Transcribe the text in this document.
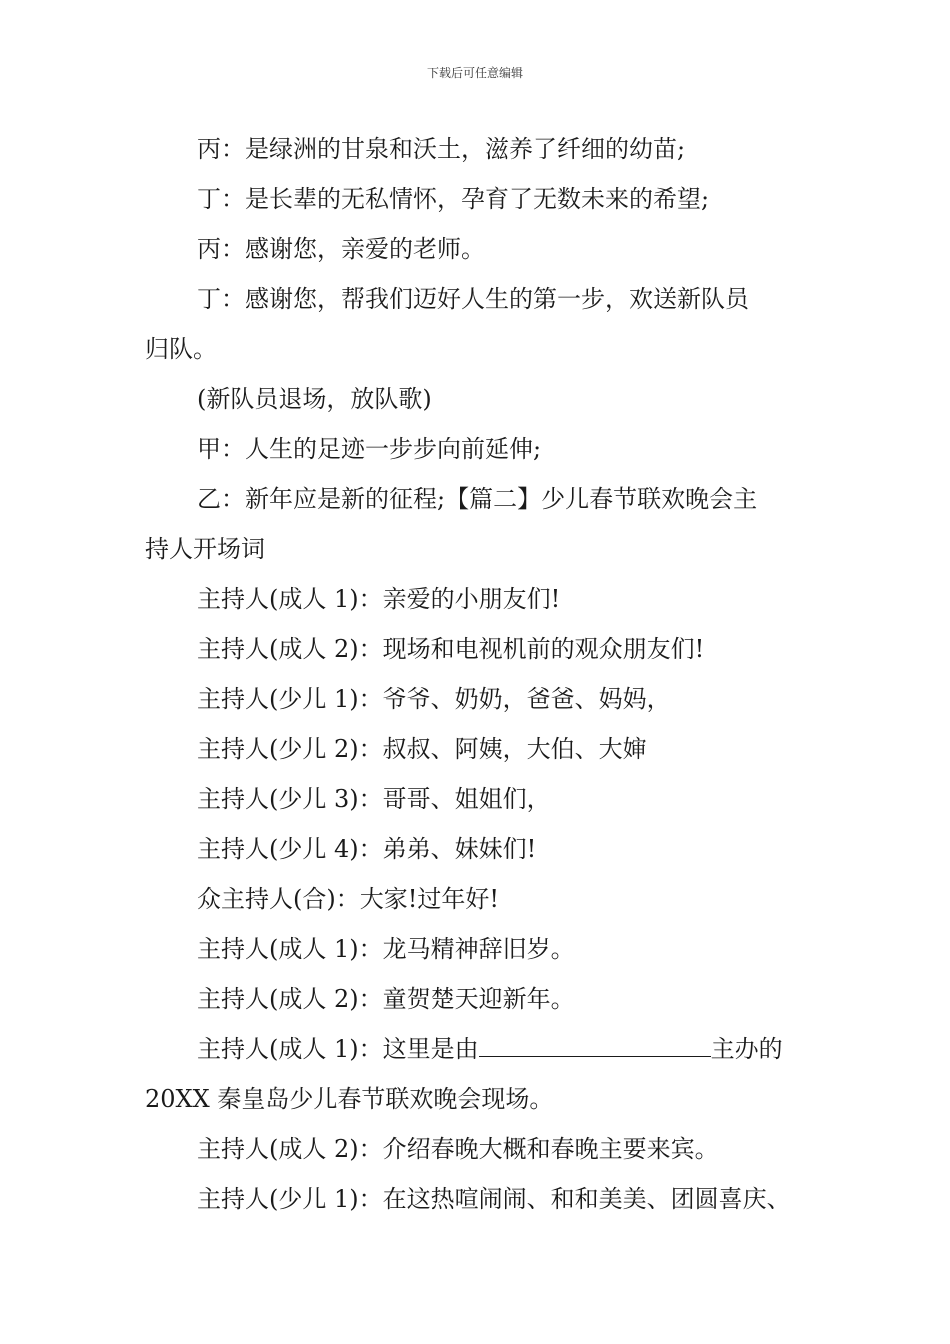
下载后可任意编辑

丙：是绿洲的甘泉和沃土，滋养了纤细的幼苗;

丁：是长辈的无私情怀，孕育了无数未来的希望;

丙：感谢您，亲爱的老师。

丁：感谢您，帮我们迈好人生的第一步，欢送新队员

归队。

(新队员退场，放队歌)

甲：人生的足迹一步步向前延伸;

乙：新年应是新的征程;【篇二】少儿春节联欢晚会主

持人开场词

主持人(成人 1)：亲爱的小朋友们!

主持人(成人 2)：现场和电视机前的观众朋友们!

主持人(少儿 1)：爷爷、奶奶，爸爸、妈妈，

主持人(少儿 2)：叔叔、阿姨，大伯、大婶

主持人(少儿 3)：哥哥、姐姐们，

主持人(少儿 4)：弟弟、妹妹们!

众主持人(合)：大家!过年好!

主持人(成人 1)：龙马精神辞旧岁。

主持人(成人 2)：童贺楚天迎新年。

主持人(成人 1)：这里是由	主办的

20XX 秦皇岛少儿春节联欢晚会现场。

主持人(成人 2)：介绍春晚大概和春晚主要来宾。

主持人(少儿 1)：在这热喧闹闹、和和美美、团圆喜庆、
